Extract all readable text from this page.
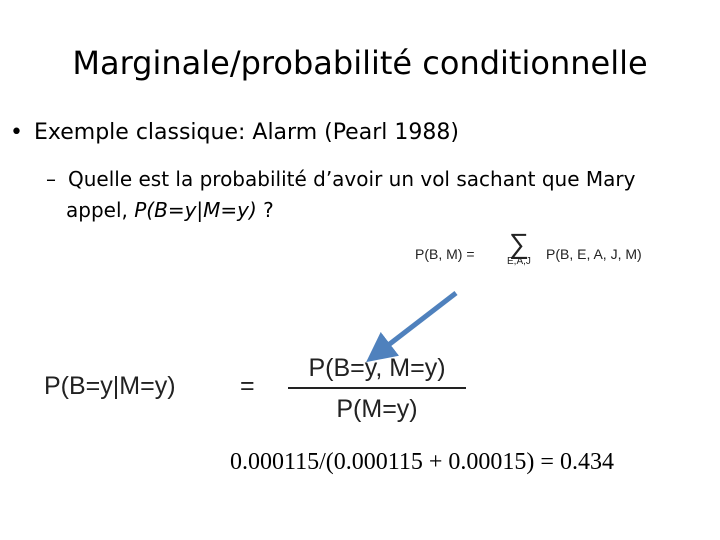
Marginale/probabilité conditionnelle
• Exemple classique: Alarm (Pearl 1988)
– Quelle est la probabilité d’avoir un vol sachant que Mary
appel, P(B=y|M=y) ?
P(B, M) = ∑
E,A,J P(B, E, A, J, M)
P(B=y|M=y)	=
P(B=y, M=y)
P(M=y)
0.000115/(0.000115 + 0.00015) = 0.434
